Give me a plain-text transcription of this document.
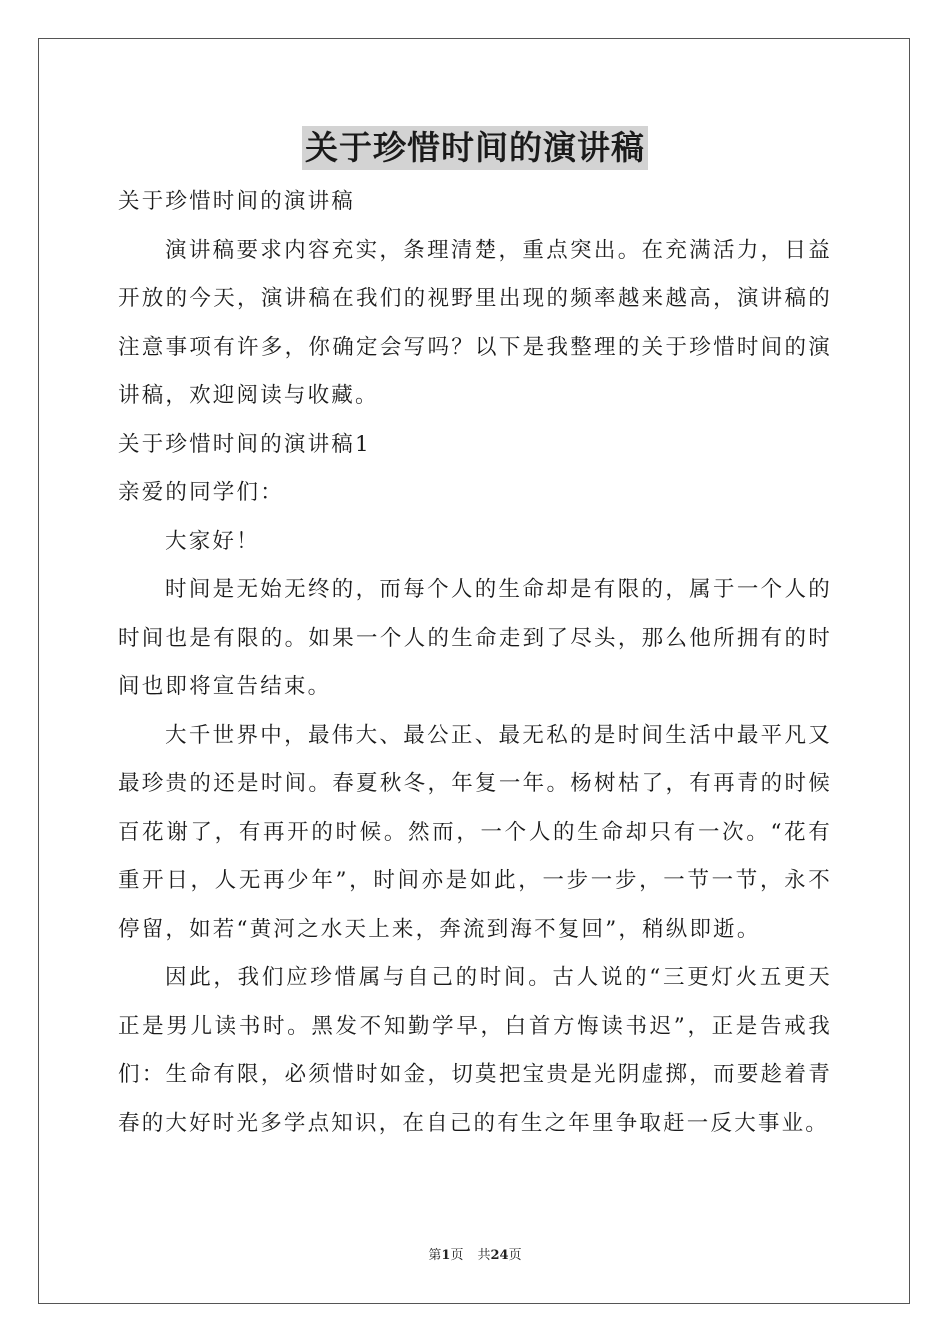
关于珍惜时间的演讲稿

关于珍惜时间的演讲稿

演讲稿要求内容充实，条理清楚，重点突出。在充满活力，日益开放的今天，演讲稿在我们的视野里出现的频率越来越高，演讲稿的注意事项有许多，你确定会写吗？以下是我整理的关于珍惜时间的演讲稿，欢迎阅读与收藏。

关于珍惜时间的演讲稿1

亲爱的同学们：

大家好！

时间是无始无终的，而每个人的生命却是有限的，属于一个人的时间也是有限的。如果一个人的生命走到了尽头，那么他所拥有的时间也即将宣告结束。

大千世界中，最伟大、最公正、最无私的是时间生活中最平凡又最珍贵的还是时间。春夏秋冬，年复一年。杨树枯了，有再青的时候百花谢了，有再开的时候。然而，一个人的生命却只有一次。“花有重开日，人无再少年”，时间亦是如此，一步一步，一节一节，永不停留，如若“黄河之水天上来，奔流到海不复回”，稍纵即逝。

因此，我们应珍惜属与自己的时间。古人说的“三更灯火五更天正是男儿读书时。黑发不知勤学早，白首方悔读书迟”，正是告戒我们：生命有限，必须惜时如金，切莫把宝贵是光阴虚掷，而要趁着青春的大好时光多学点知识，在自己的有生之年里争取赶一反大事业。

第1页 共24页
